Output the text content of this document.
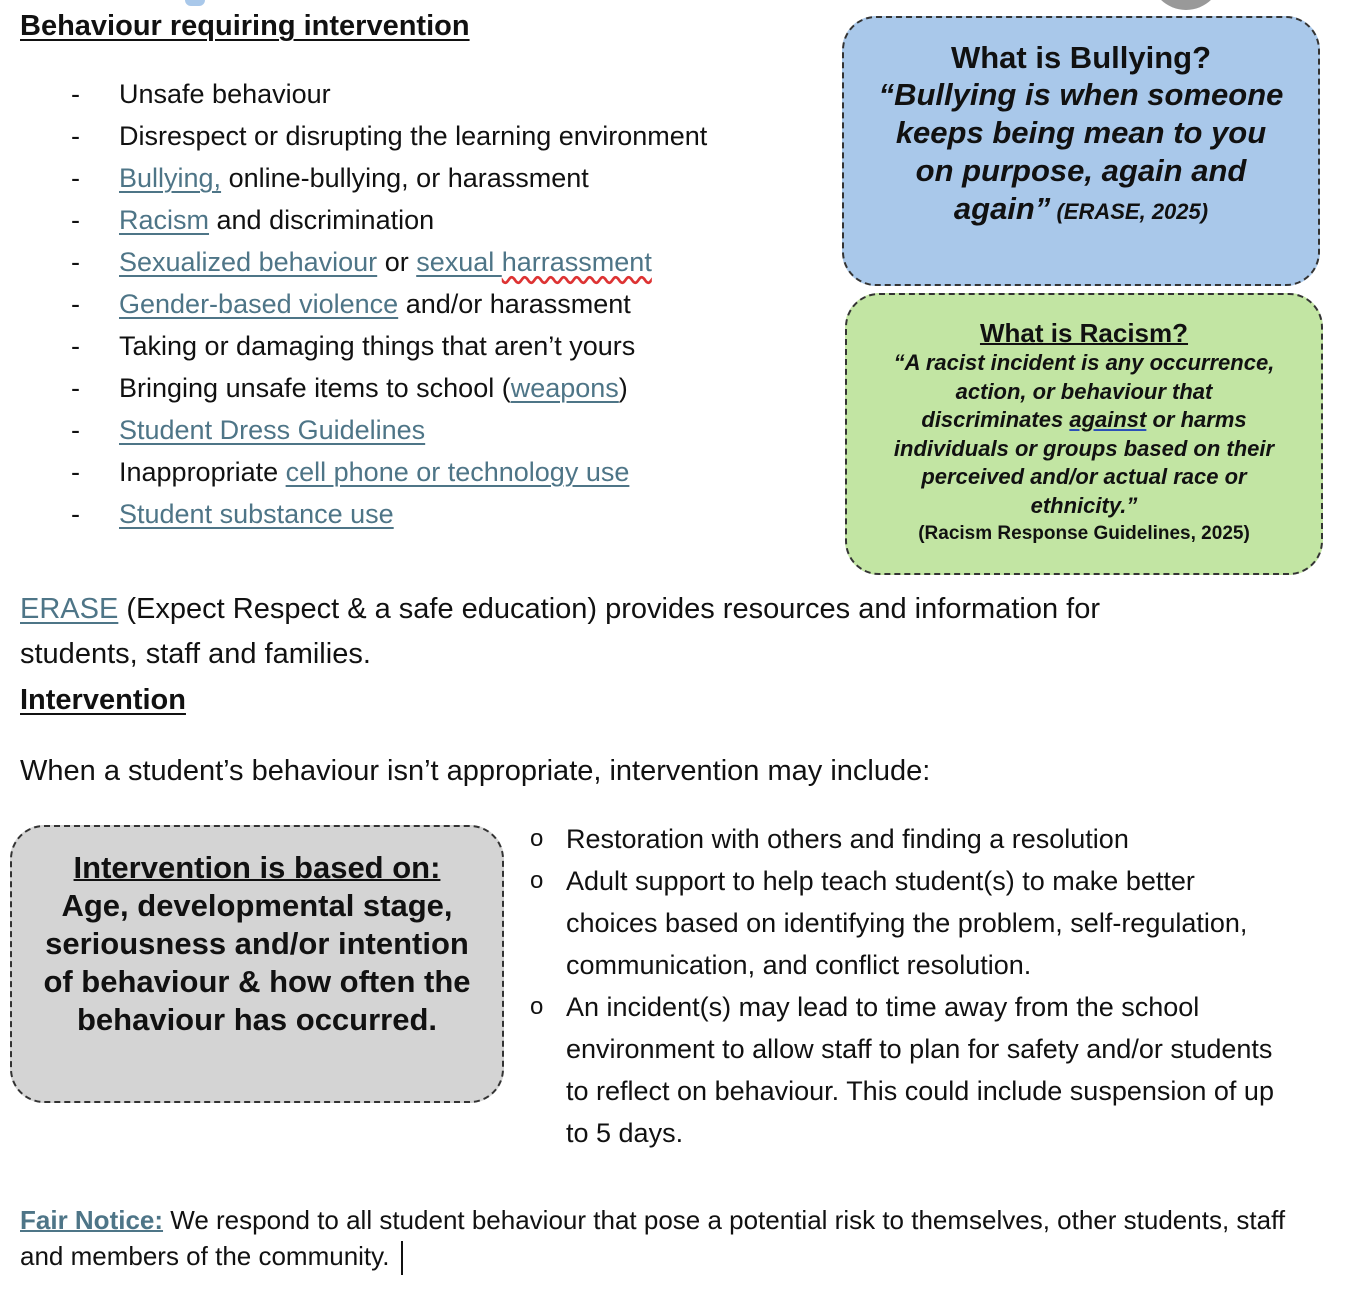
Behaviour requiring intervention
- Unsafe behaviour
- Disrespect or disrupting the learning environment
- Bullying, online-bullying, or harassment
- Racism and discrimination
- Sexualized behaviour or sexual harrassment
- Gender-based violence and/or harassment
- Taking or damaging things that aren’t yours
- Bringing unsafe items to school (weapons)
- Student Dress Guidelines
- Inappropriate cell phone or technology use
- Student substance use
What is Bullying?
“Bullying is when someone keeps being mean to you on purpose, again and again” (ERASE, 2025)
What is Racism?
“A racist incident is any occurrence, action, or behaviour that discriminates against or harms individuals or groups based on their perceived and/or actual race or ethnicity.”
(Racism Response Guidelines, 2025)
ERASE (Expect Respect & a safe education) provides resources and information for students, staff and families.
Intervention
When a student’s behaviour isn’t appropriate, intervention may include:
Intervention is based on:
Age, developmental stage, seriousness and/or intention of behaviour & how often the behaviour has occurred.
o Restoration with others and finding a resolution
o Adult support to help teach student(s) to make better choices based on identifying the problem, self-regulation, communication, and conflict resolution.
o An incident(s) may lead to time away from the school environment to allow staff to plan for safety and/or students to reflect on behaviour. This could include suspension of up to 5 days.
Fair Notice: We respond to all student behaviour that pose a potential risk to themselves, other students, staff and members of the community.
